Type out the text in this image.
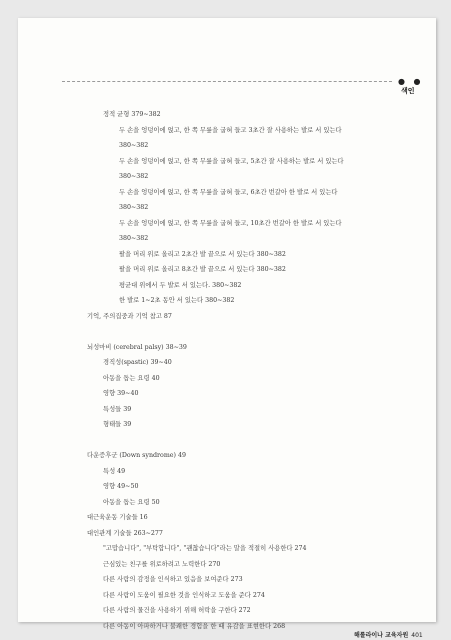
● ●
색인
정적 균형 379~382
두 손을 엉덩이에 얹고, 한 쪽 무릎을 굽혀 들고 3초간 잘 사용하는 발로 서 있는다
380~382
두 손을 엉덩이에 얹고, 한 쪽 무릎을 굽혀 들고, 5초간 잘 사용하는 발로 서 있는다
380~382
두 손을 엉덩이에 얹고, 한 쪽 무릎을 굽혀 들고, 6초간 번갈아 한 발로 서 있는다
380~382
두 손을 엉덩이에 얹고, 한 쪽 무릎을 굽혀 들고, 10초간 번갈아 한 발로 서 있는다
380~382
팔을 머리 위로 올리고 2초간 발 끝으로 서 있는다 380~382
팔을 머리 위로 올리고 8초간 발 끝으로 서 있는다 380~382
평균대 위에서 두 발로 서 있는다. 380~382
한 발로 1~2초 동안 서 있는다 380~382
기억, 주의집중과 기억 참고 87
뇌성마비 (cerebral palsy) 38~39
경직성(spastic) 39~40
아동을 돕는 요령 40
영향 39~40
특성들 39
형태들 39
다운증후군 (Down syndrome) 49
특성 49
영향 49~50
아동을 돕는 요령 50
대근육운동 기술들 16
대인관계 기술들 263~277
"고맙습니다", "부탁합니다", "괜찮습니다"라는 말을 적절히 사용한다 274
근심있는 친구를 위로하려고 노력한다 270
다른 사람의 감정을 인식하고 있음을 보여준다 273
다른 사람이 도움이 필요한 것을 인식하고 도움을 준다 274
다른 사람의 물건을 사용하기 위해 허락을 구한다 272
다른 아동이 아파하거나 불쾌한 경험을 한 때 유감을 표현한다 268
해롤라이나 교육자원 401
